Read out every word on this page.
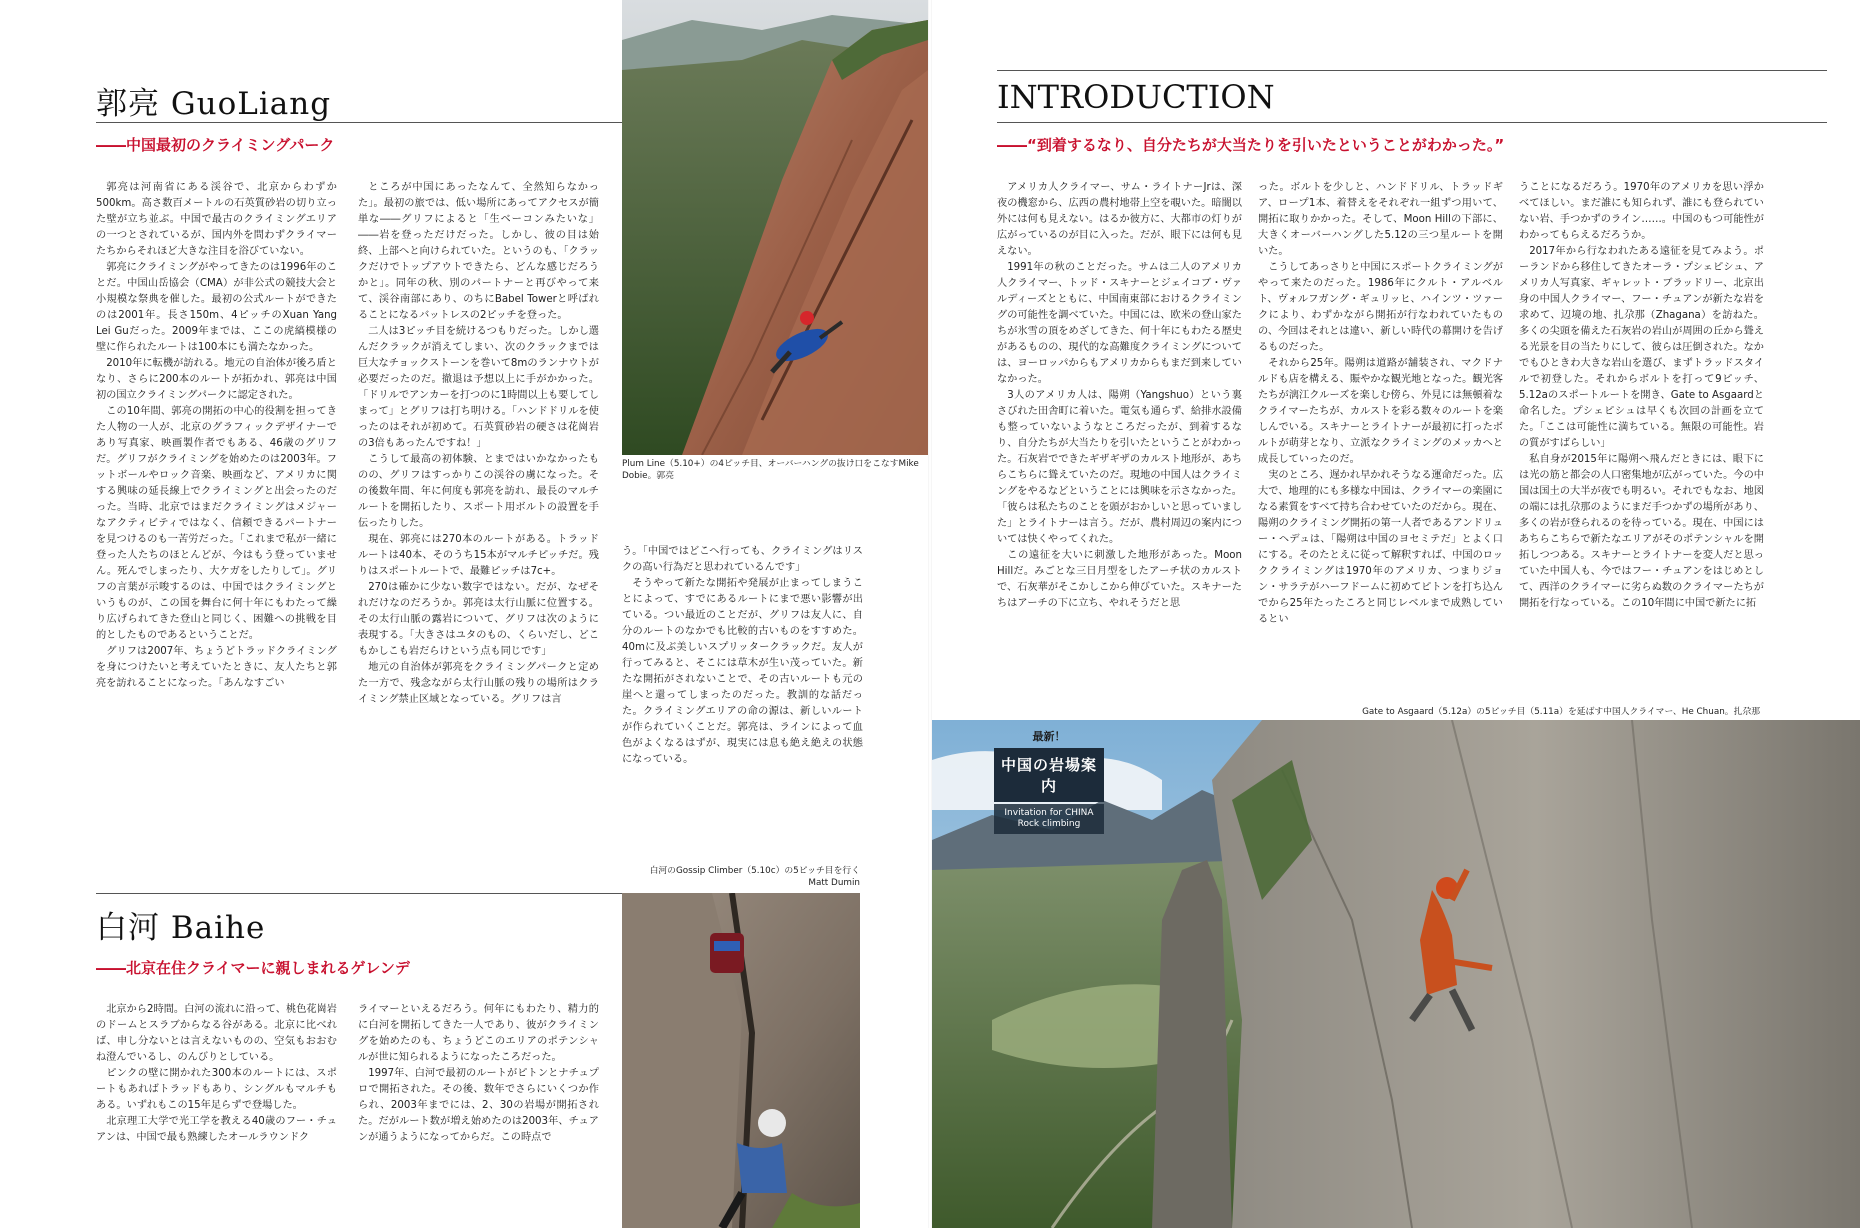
郭亮 GuoLiang
――中国最初のクライミングパーク

郭亮は河南省にある渓谷で、北京からわずか500km。高さ数百メートルの石英質砂岩の切り立った壁が立ち並ぶ。中国で最古のクライミングエリアの一つとされているが、国内外を問わずクライマーたちからそれほど大きな注目を浴びていない。

郭亮にクライミングがやってきたのは1996年のことだ。中国山岳協会（CMA）が非公式の競技大会と小規模な祭典を催した。最初の公式ルートができたのは2001年。長さ150m、4ピッチのXuan Yang　Lei Guだった。2009年までは、ここの虎縞模様の壁に作られたルートは100本にも満たなかった。

2010年に転機が訪れる。地元の自治体が後ろ盾となり、さらに200本のルートが拓かれ、郭亮は中国初の国立クライミングパークに認定された。

この10年間、郭亮の開拓の中心的役割を担ってきた人物の一人が、北京のグラフィックデザイナーであり写真家、映画製作者でもある、46歳のグリフだ。グリフがクライミングを始めたのは2003年。フットボールやロック音楽、映画など、アメリカに関する興味の延長線上でクライミングと出会ったのだった。当時、北京ではまだクライミングはメジャーなアクティビティではなく、信頼できるパートナーを見つけるのも一苦労だった。「これまで私が一緒に登った人たちのほとんどが、今はもう登っていません。死んでしまったり、大ケガをしたりして」。グリフの言葉が示唆するのは、中国ではクライミングというものが、この国を舞台に何十年にもわたって繰り広げられてきた登山と同じく、困難への挑戦を目的としたものであるということだ。

グリフは2007年、ちょうどトラッドクライミングを身につけたいと考えていたときに、友人たちと郭亮を訪れることになった。「あんなすごい

ところが中国にあったなんて、全然知らなかった」。最初の旅では、低い場所にあってアクセスが簡単な――グリフによると「生ベーコンみたいな」――岩を登っただけだった。しかし、彼の目は始終、上部へと向けられていた。というのも、「クラックだけでトップアウトできたら、どんな感じだろうかと」。同年の秋、別のパートナーと再びやって来て、渓谷南部にあり、のちにBabel Towerと呼ばれることになるバットレスの2ピッチを登った。

二人は3ピッチ目を続けるつもりだった。しかし選んだクラックが消えてしまい、次のクラックまでは巨大なチョックストーンを巻いて8mのランナウトが必要だったのだ。撤退は予想以上に手がかかった。「ドリルでアンカーを打つのに1時間以上も要してしまって」とグリフは打ち明ける。「ハンドドリルを使ったのはそれが初めて。石英質砂岩の硬さは花崗岩の3倍もあったんですね！」

こうして最高の初体験、とまではいかなかったものの、グリフはすっかりこの渓谷の虜になった。その後数年間、年に何度も郭亮を訪れ、最長のマルチルートを開拓したり、スポート用ボルトの設置を手伝ったりした。

現在、郭亮には270本のルートがある。トラッドルートは40本、そのうち15本がマルチピッチだ。残りはスポートルートで、最難ピッチは7c+。

270は確かに少ない数字ではない。だが、なぜそれだけなのだろうか。郭亮は太行山脈に位置する。その太行山脈の露岩について、グリフは次のように表現する。「大きさはユタのもの、くらいだし、どこもかしこも岩だらけという点も同じです」

地元の自治体が郭亮をクライミングパークと定めた一方で、残念ながら太行山脈の残りの場所はクライミング禁止区域となっている。グリフは言

う。「中国ではどこへ行っても、クライミングはリスクの高い行為だと思われているんです」

そうやって新たな開拓や発展が止まってしまうことによって、すでにあるルートにまで悪い影響が出ている。つい最近のことだが、グリフは友人に、自分のルートのなかでも比較的古いものをすすめた。40mに及ぶ美しいスプリッタークラックだ。友人が行ってみると、そこには草木が生い茂っていた。新たな開拓がされないことで、その古いルートも元の崖へと還ってしまったのだった。教訓的な話だった。クライミングエリアの命の源は、新しいルートが作られていくことだ。郭亮は、ラインによって血色がよくなるはずが、現実には息も絶え絶えの状態になっている。

Plum Line（5.10+）の4ピッチ目、オーバーハングの抜け口をこなすMike Dobie。郭亮
白河 Baihe
――北京在住クライマーに親しまれるゲレンデ

北京から2時間。白河の流れに沿って、桃色花崗岩のドームとスラブからなる谷がある。北京に比べれば、申し分ないとは言えないものの、空気もおおむね澄んでいるし、のんびりとしている。

ピンクの壁に開かれた300本のルートには、スポートもあればトラッドもあり、シングルもマルチもある。いずれもこの15年足らずで登場した。

北京理工大学で光工学を教える40歳のフー・チュアンは、中国で最も熟練したオールラウンドク

ライマーといえるだろう。何年にもわたり、精力的に白河を開拓してきた一人であり、彼がクライミングを始めたのも、ちょうどこのエリアのポテンシャルが世に知られるようになったころだった。

1997年、白河で最初のルートがピトンとナチュプロで開拓された。その後、数年でさらにいくつか作られ、2003年までには、2、30の岩場が開拓された。だがルート数が増え始めたのは2003年、チュアンが通うようになってからだ。この時点で

白河のGossip Climber（5.10c）の5ピッチ目を行くMatt Dumin
INTRODUCTION
――“到着するなり、自分たちが大当たりを引いたということがわかった。”

アメリカ人クライマー、サム・ライトナーJrは、深夜の機窓から、広西の農村地帯上空を覗いた。暗闇以外には何も見えない。はるか彼方に、大都市の灯りが広がっているのが目に入った。だが、眼下には何も見えない。

1991年の秋のことだった。サムは二人のアメリカ人クライマー、トッド・スキナーとジェイコブ・ヴァルディーズとともに、中国南東部におけるクライミングの可能性を調べていた。中国には、欧米の登山家たちが氷雪の頂をめざしてきた、何十年にもわたる歴史があるものの、現代的な高難度クライミングについては、ヨーロッパからもアメリカからもまだ到来していなかった。

3人のアメリカ人は、陽朔（Yangshuo）という裏さびれた田舎町に着いた。電気も通らず、給排水設備も整っていないようなところだったが、到着するなり、自分たちが大当たりを引いたということがわかった。石灰岩でできたギザギザのカルスト地形が、あちらこちらに聳えていたのだ。現地の中国人はクライミングをやるなどということには興味を示さなかった。「彼らは私たちのことを頭がおかしいと思っていました」とライトナーは言う。だが、農村周辺の案内については快くやってくれた。

この遠征を大いに刺激した地形があった。Moon Hillだ。みごとな三日月型をしたアーチ状のカルストで、石灰華がそこかしこから伸びていた。スキナーたちはアーチの下に立ち、やれそうだと思

った。ボルトを少しと、ハンドドリル、トラッドギア、ロープ1本、着替えをそれぞれ一組ずつ用いて、開拓に取りかかった。そして、Moon Hillの下部に、大きくオーバーハングした5.12の三つ星ルートを開いた。

こうしてあっさりと中国にスポートクライミングがやって来たのだった。1986年にクルト・アルベルト、ヴォルフガング・ギュリッヒ、ハインツ・ツァークにより、わずかながら開拓が行なわれていたものの、今回はそれとは違い、新しい時代の幕開けを告げるものだった。

それから25年。陽朔は道路が舗装され、マクドナルドも店を構える、賑やかな観光地となった。観光客たちが漓江クルーズを楽しむ傍ら、外見には無頓着なクライマーたちが、カルストを彩る数々のルートを楽しんでいる。スキナーとライトナーが最初に打ったボルトが萌芽となり、立派なクライミングのメッカへと成長していったのだ。

実のところ、遅かれ早かれそうなる運命だった。広大で、地理的にも多様な中国は、クライマーの楽園になる素質をすべて持ち合わせていたのだから。現在、陽朔のクライミング開拓の第一人者であるアンドリュー・ヘデュは、「陽朔は中国のヨセミテだ」とよく口にする。そのたとえに従って解釈すれば、中国のロッククライミングは1970年のアメリカ、つまりジョン・サラテがハーフドームに初めてピトンを打ち込んでから25年たったころと同じレベルまで成熟しているとい

うことになるだろう。1970年のアメリカを思い浮かべてほしい。まだ誰にも知られず、誰にも登られていない岩、手つかずのライン……。中国のもつ可能性がわかってもらえるだろうか。

2017年から行なわれたある遠征を見てみよう。ポーランドから移住してきたオーラ・プシェピシュ、アメリカ人写真家、ギャレット・ブラッドリー、北京出身の中国人クライマー、フー・チュアンが新たな岩を求めて、辺境の地、扎尕那（Zhagana）を訪ねた。多くの尖頭を備えた石灰岩の岩山が周囲の丘から聳える光景を目の当たりにして、彼らは圧倒された。なかでもひときわ大きな岩山を選び、まずトラッドスタイルで初登した。それからボルトを打って9ピッチ、5.12aのスポートルートを開き、Gate to Asgaardと命名した。プシェピシュは早くも次回の計画を立てた。「ここは可能性に満ちている。無限の可能性。岩の質がすばらしい」

私自身が2015年に陽朔へ飛んだときには、眼下には光の筋と都会の人口密集地が広がっていた。今の中国は国土の大半が夜でも明るい。それでもなお、地図の端には扎尕那のようにまだ手つかずの場所があり、多くの岩が登られるのを待っている。現在、中国にはあちらこちらで新たなエリアがそのポテンシャルを開拓しつつある。スキナーとライトナーを変人だと思っていた中国人も、今ではフー・チュアンをはじめとして、西洋のクライマーに劣らぬ数のクライマーたちが開拓を行なっている。この10年間に中国で新たに拓

Gate to Asgaard（5.12a）の5ピッチ目（5.11a）を延ばす中国人クライマー、He Chuan。扎尕那
最新！
中国の岩場案内
Invitation for CHINA Rock climbing
